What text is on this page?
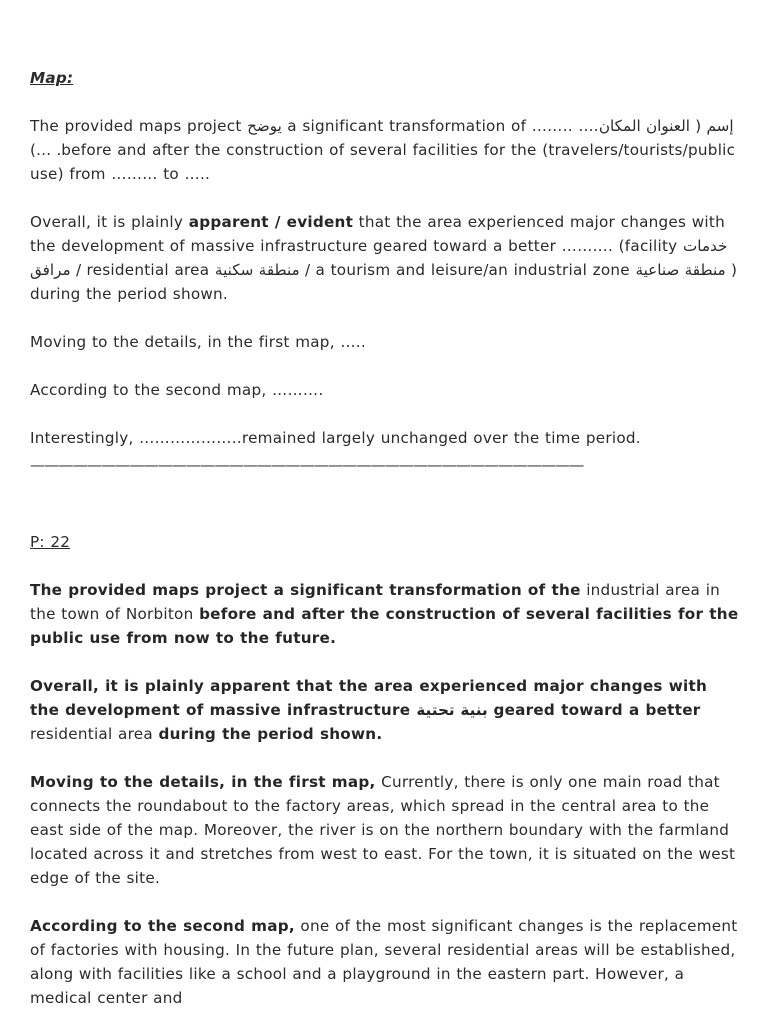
Map:

The provided maps project يوضح a significant transformation of …….. ….إسم ( العنوان المكان )… .before and after the construction of several facilities for the (travelers/tourists/public use) from ……… to …..

Overall, it is plainly apparent / evident that the area experienced major changes with the development of massive infrastructure geared toward a better ………. (facility خدمات مرافق / residential area منطقة سكنية / a tourism and leisure/an industrial zone منطقة صناعية ) during the period shown.

Moving to the details, in the first map, …..

According to the second map, ……….

Interestingly, ………………..remained largely unchanged over the time period.

———————————————————————————————————————

P: 22

The provided maps project a significant transformation of the industrial area in the town of Norbiton before and after the construction of several facilities for the public use from now to the future.

Overall, it is plainly apparent that the area experienced major changes with the development of massive infrastructure بنية تحتية geared toward a better residential area during the period shown.

Moving to the details, in the first map, Currently, there is only one main road that connects the roundabout to the factory areas, which spread in the central area to the east side of the map. Moreover, the river is on the northern boundary with the farmland located across it and stretches from west to east. For the town, it is situated on the west edge of the site.

According to the second map, one of the most significant changes is the replacement of factories with housing. In the future plan, several residential areas will be established, along with facilities like a school and a playground in the eastern part. However, a medical center and
